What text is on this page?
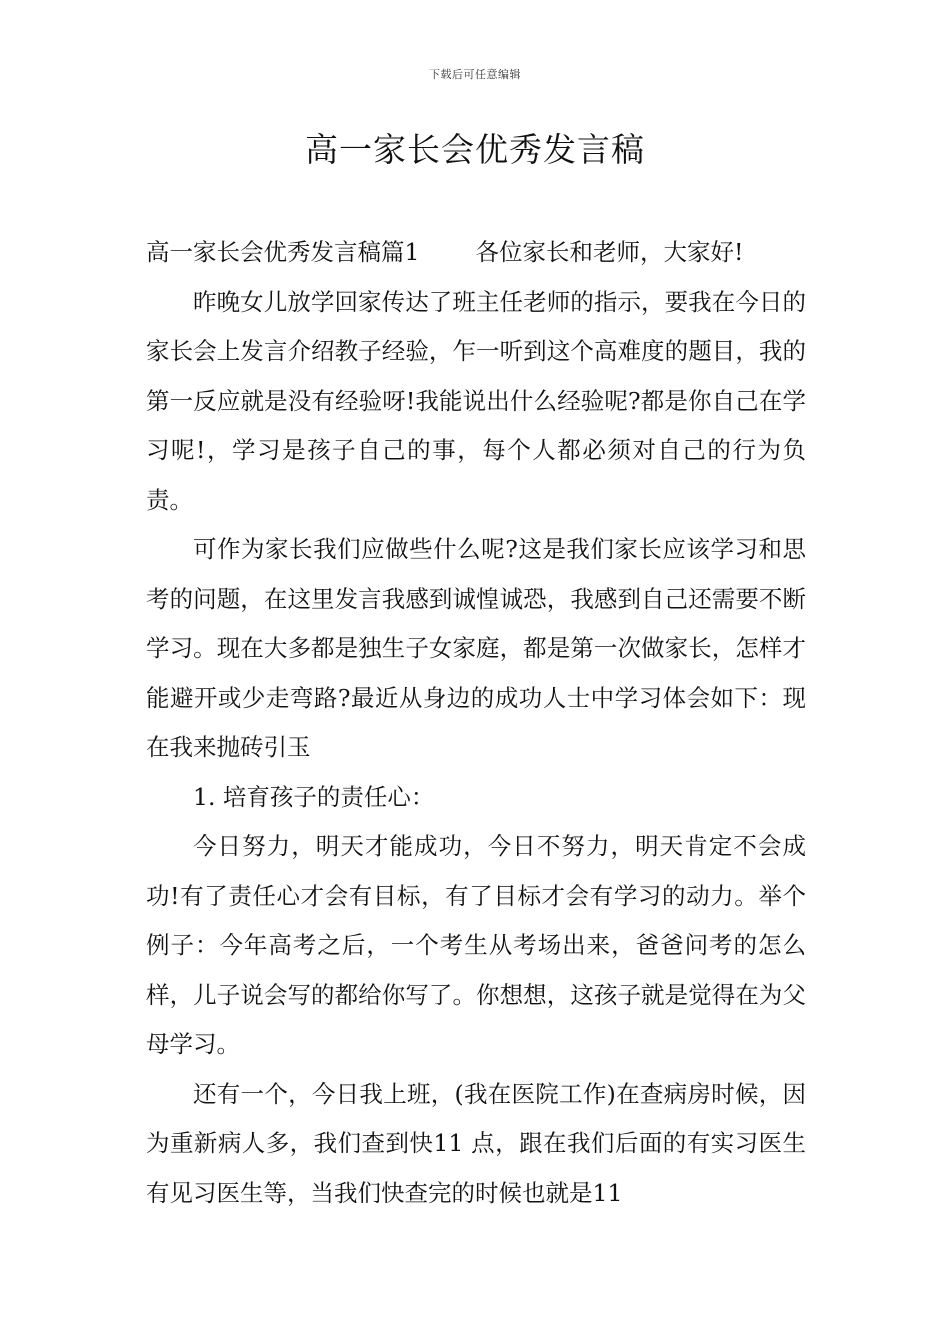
下载后可任意编辑
高一家长会优秀发言稿

高一家长会优秀发言稿篇1 各位家长和老师，大家好!

昨晚女儿放学回家传达了班主任老师的指示，要我在今日的家长会上发言介绍教子经验，乍一听到这个高难度的题目，我的第一反应就是没有经验呀!我能说出什么经验呢?都是你自己在学习呢!，学习是孩子自己的事，每个人都必须对自己的行为负责。

可作为家长我们应做些什么呢?这是我们家长应该学习和思考的问题，在这里发言我感到诚惶诚恐，我感到自己还需要不断学习。现在大多都是独生子女家庭，都是第一次做家长，怎样才能避开或少走弯路?最近从身边的成功人士中学习体会如下：现在我来抛砖引玉

1. 培育孩子的责任心：

今日努力，明天才能成功，今日不努力，明天肯定不会成功!有了责任心才会有目标，有了目标才会有学习的动力。举个例子：今年高考之后，一个考生从考场出来，爸爸问考的怎么样，儿子说会写的都给你写了。你想想，这孩子就是觉得在为父母学习。

还有一个，今日我上班，(我在医院工作)在查病房时候，因为重新病人多，我们查到快11 点，跟在我们后面的有实习医生有见习医生等，当我们快查完的时候也就是11
